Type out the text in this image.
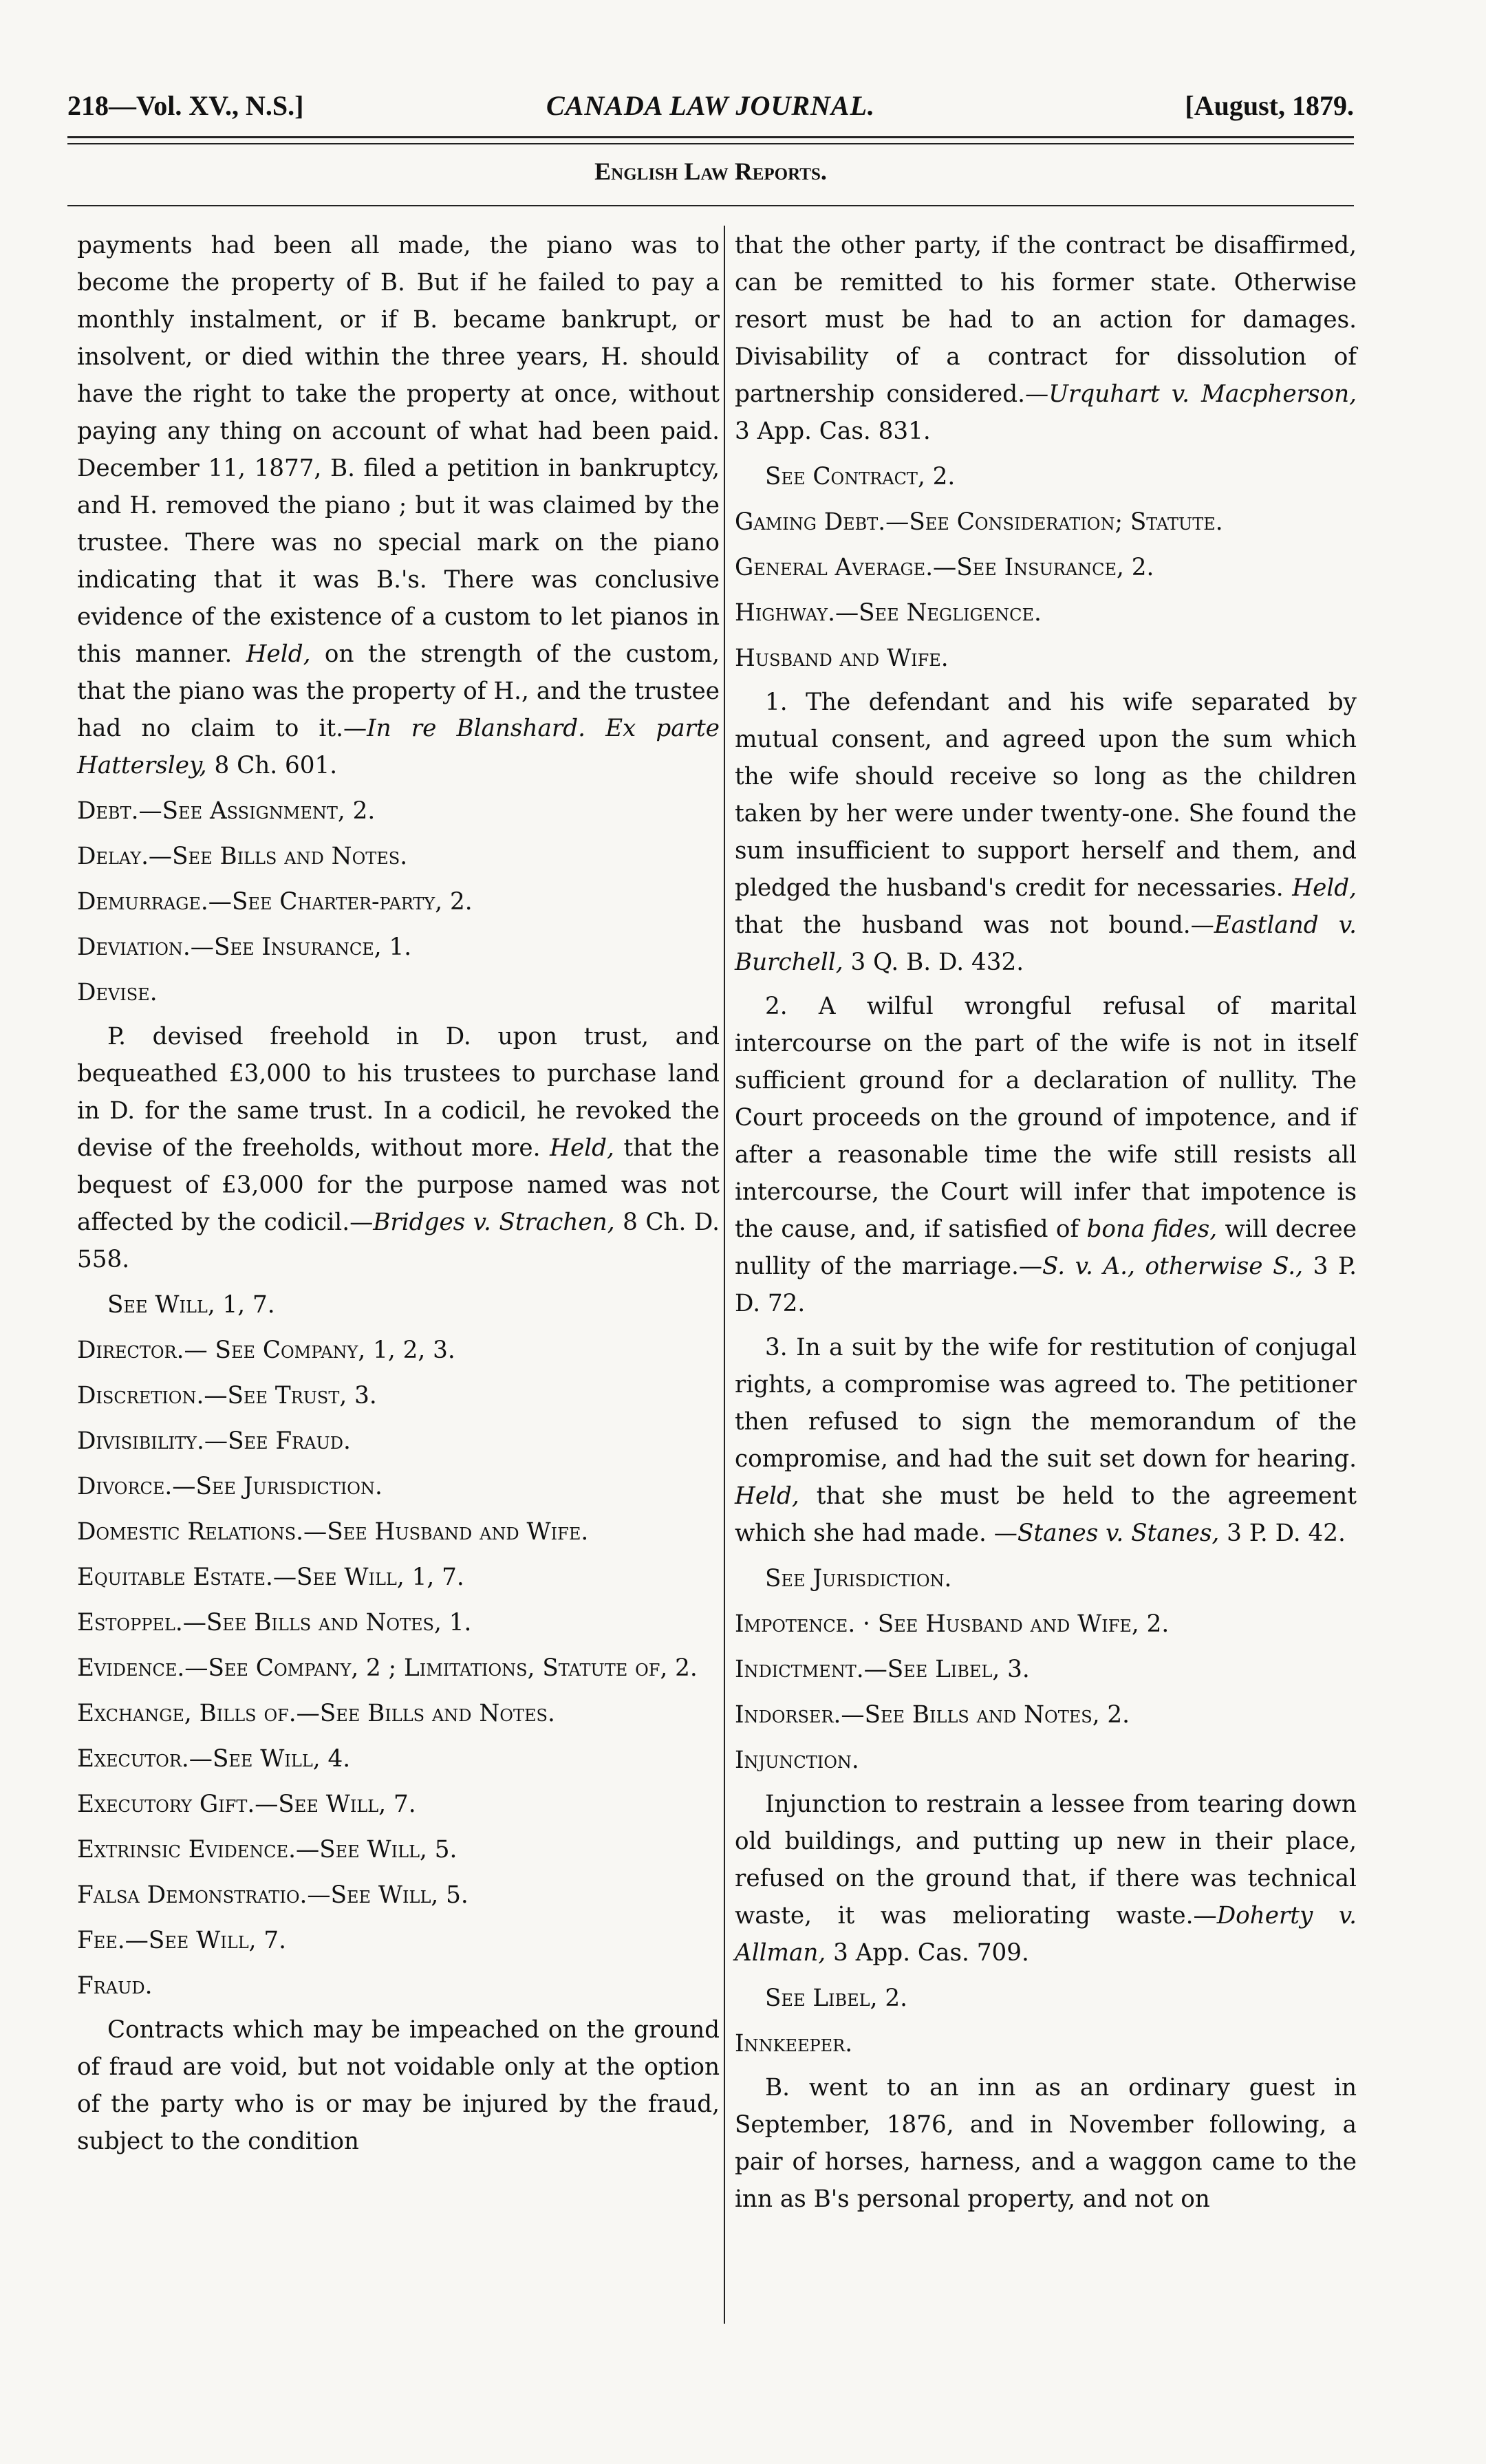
218—Vol. XV., N.S.]	CANADA LAW JOURNAL.	[August, 1879.
English Law Reports.

payments had been all made, the piano was to become the property of B. But if he failed to pay a monthly instalment, or if B. became bankrupt, or insolvent, or died within the three years, H. should have the right to take the property at once, without paying any thing on account of what had been paid. December 11, 1877, B. filed a petition in bankruptcy, and H. removed the piano ; but it was claimed by the trustee. There was no special mark on the piano indicating that it was B.'s. There was conclusive evidence of the existence of a custom to let pianos in this manner. Held, on the strength of the custom, that the piano was the property of H., and the trustee had no claim to it.—In re Blanshard. Ex parte Hattersley, 8 Ch. 601.

Debt.—See Assignment, 2.

Delay.—See Bills and Notes.

Demurrage.—See Charter-party, 2.

Deviation.—See Insurance, 1.

Devise.

P. devised freehold in D. upon trust, and bequeathed £3,000 to his trustees to purchase land in D. for the same trust. In a codicil, he revoked the devise of the freeholds, without more. Held, that the bequest of £3,000 for the purpose named was not affected by the codicil.—Bridges v. Strachen, 8 Ch. D. 558.

See Will, 1, 7.

Director.— See Company, 1, 2, 3.

Discretion.—See Trust, 3.

Divisibility.—See Fraud.

Divorce.—See Jurisdiction.

Domestic Relations.—See Husband and Wife.

Equitable Estate.—See Will, 1, 7.

Estoppel.—See Bills and Notes, 1.

Evidence.—See Company, 2 ; Limitations, Statute of, 2.

Exchange, Bills of.—See Bills and Notes.

Executor.—See Will, 4.

Executory Gift.—See Will, 7.

Extrinsic Evidence.—See Will, 5.

Falsa Demonstratio.—See Will, 5.

Fee.—See Will, 7.

Fraud.

Contracts which may be impeached on the ground of fraud are void, but not voidable only at the option of the party who is or may be injured by the fraud, subject to the condition

that the other party, if the contract be disaffirmed, can be remitted to his former state. Otherwise resort must be had to an action for damages. Divisability of a contract for dissolution of partnership considered.—Urquhart v. Macpherson, 3 App. Cas. 831.

See Contract, 2.

Gaming Debt.—See Consideration; Statute.

General Average.—See Insurance, 2.

Highway.—See Negligence.

Husband and Wife.

1. The defendant and his wife separated by mutual consent, and agreed upon the sum which the wife should receive so long as the children taken by her were under twenty-one. She found the sum insufficient to support herself and them, and pledged the husband's credit for necessaries. Held, that the husband was not bound.—Eastland v. Burchell, 3 Q. B. D. 432.

2. A wilful wrongful refusal of marital intercourse on the part of the wife is not in itself sufficient ground for a declaration of nullity. The Court proceeds on the ground of impotence, and if after a reasonable time the wife still resists all intercourse, the Court will infer that impotence is the cause, and, if satisfied of bona fides, will decree nullity of the marriage.—S. v. A., otherwise S., 3 P. D. 72.

3. In a suit by the wife for restitution of conjugal rights, a compromise was agreed to. The petitioner then refused to sign the memorandum of the compromise, and had the suit set down for hearing. Held, that she must be held to the agreement which she had made. —Stanes v. Stanes, 3 P. D. 42.

See Jurisdiction.

Impotence. · See Husband and Wife, 2.

Indictment.—See Libel, 3.

Indorser.—See Bills and Notes, 2.

Injunction.

Injunction to restrain a lessee from tearing down old buildings, and putting up new in their place, refused on the ground that, if there was technical waste, it was meliorating waste.—Doherty v. Allman, 3 App. Cas. 709.

See Libel, 2.

Innkeeper.

B. went to an inn as an ordinary guest in September, 1876, and in November following, a pair of horses, harness, and a waggon came to the inn as B's personal property, and not on
